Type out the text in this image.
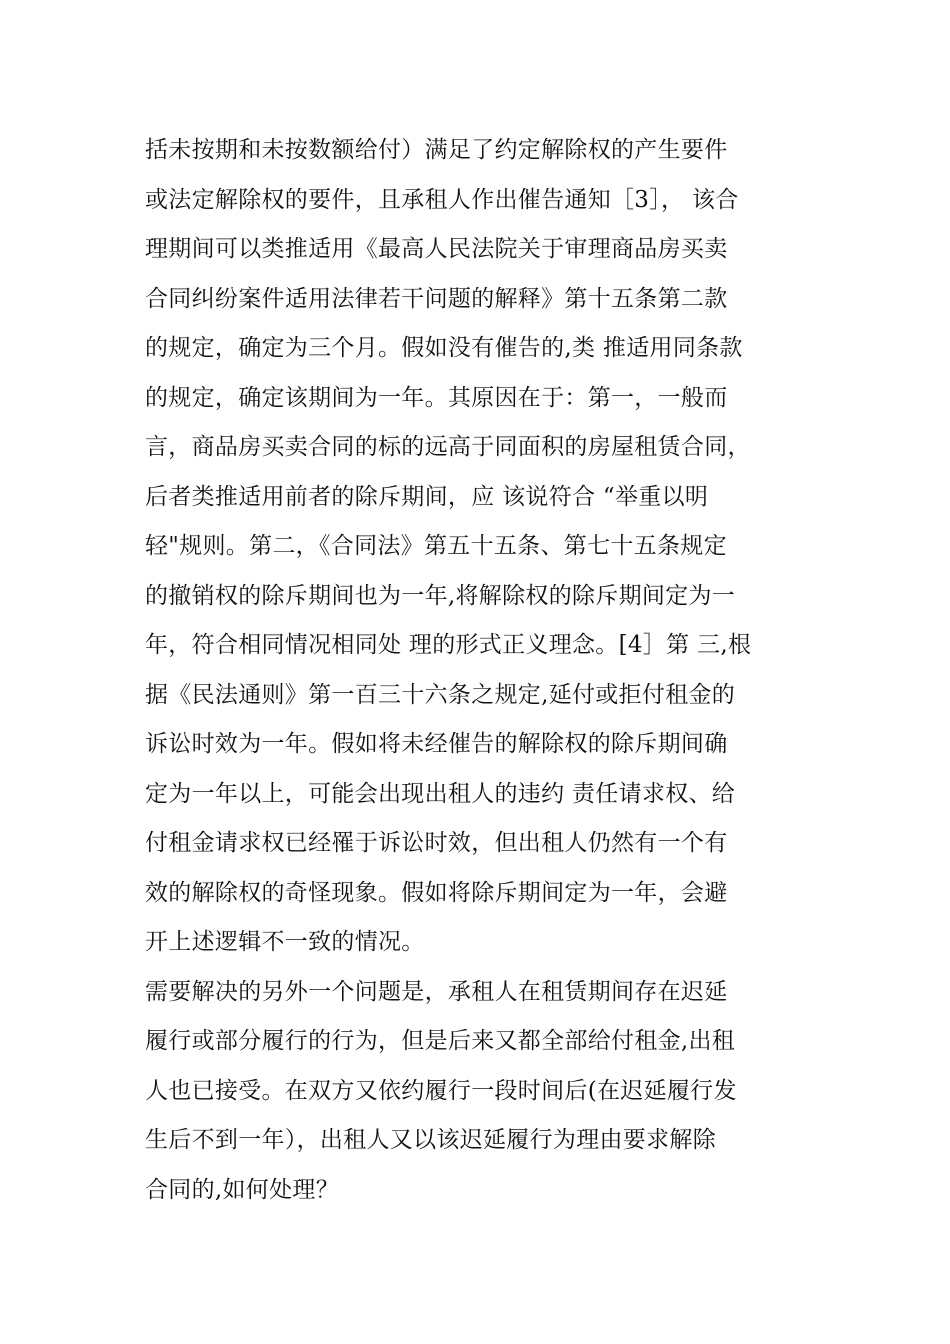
括未按期和未按数额给付）满足了约定解除权的产生要件
或法定解除权的要件，且承租人作出催告通知［3］， 该合
理期间可以类推适用《最高人民法院关于审理商品房买卖
合同纠纷案件适用法律若干问题的解释》第十五条第二款
的规定，确定为三个月。假如没有催告的,类 推适用同条款
的规定，确定该期间为一年。其原因在于：第一，一般而
言，商品房买卖合同的标的远高于同面积的房屋租赁合同，
后者类推适用前者的除斥期间，应 该说符合 “举重以明
轻"规则。第二，《合同法》第五十五条、第七十五条规定
的撤销权的除斥期间也为一年,将解除权的除斥期间定为一
年，符合相同情况相同处 理的形式正义理念。[4］第 三,根
据《民法通则》第一百三十六条之规定,延付或拒付租金的
诉讼时效为一年。假如将未经催告的解除权的除斥期间确
定为一年以上，可能会出现出租人的违约 责任请求权、给
付租金请求权已经罹于诉讼时效，但出租人仍然有一个有
效的解除权的奇怪现象。假如将除斥期间定为一年，会避
开上述逻辑不一致的情况。
需要解决的另外一个问题是，承租人在租赁期间存在迟延
履行或部分履行的行为，但是后来又都全部给付租金,出租
人也已接受。在双方又依约履行一段时间后(在迟延履行发
生后不到一年），出租人又以该迟延履行为理由要求解除
合同的,如何处理？
